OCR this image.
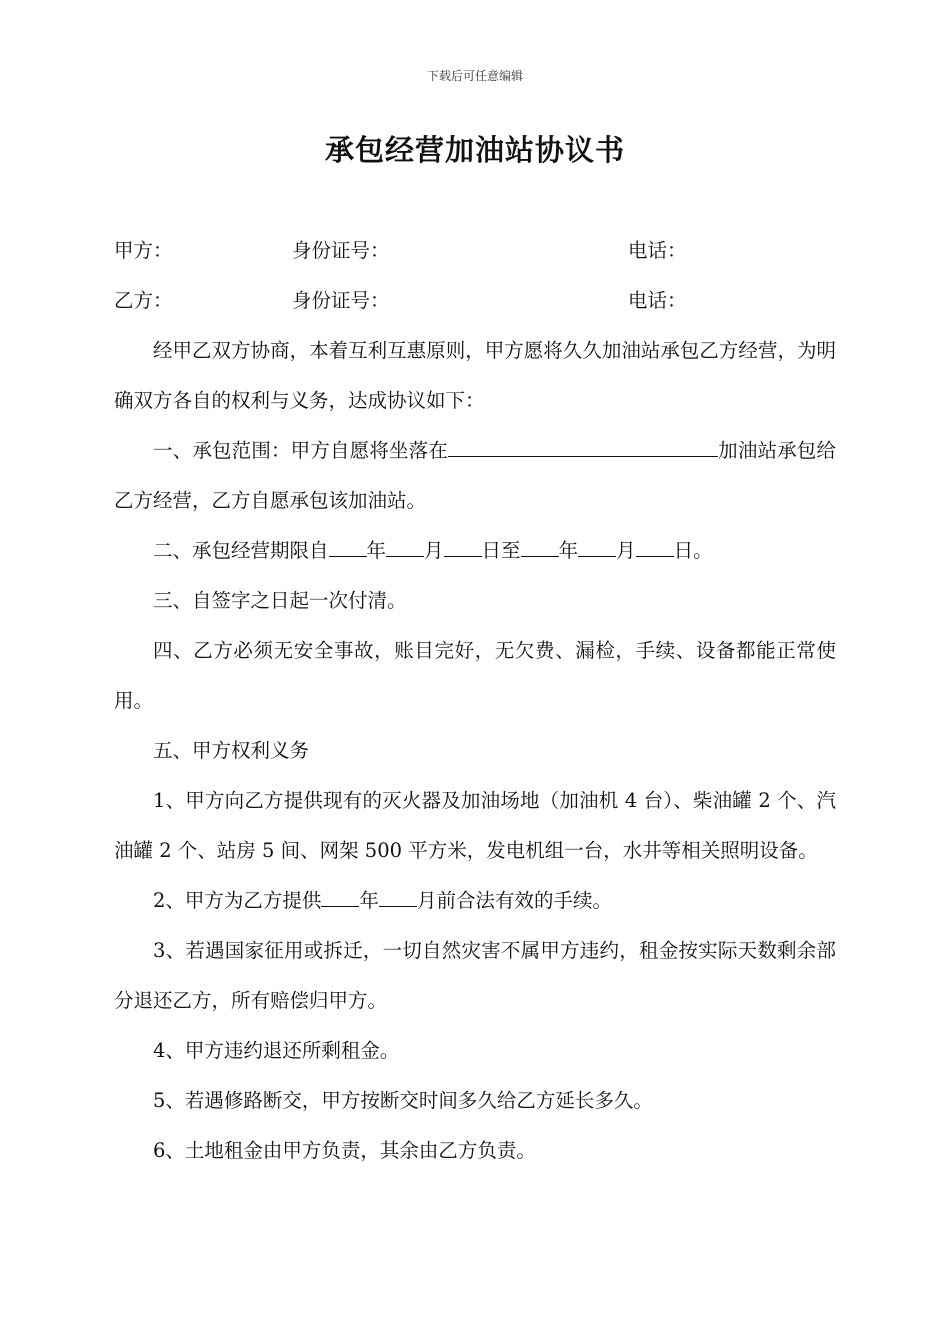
下载后可任意编辑
承包经营加油站协议书
甲方：	身份证号：	电话：
乙方：	身份证号：	电话：

经甲乙双方协商，本着互利互惠原则，甲方愿将久久加油站承包乙方经营，为明确双方各自的权利与义务，达成协议如下：

一、承包范围：甲方自愿将坐落在	加油站承包给乙方经营，乙方自愿承包该加油站。

二、承包经营期限自 年 月 日至 年 月 日。

三、自签字之日起一次付清。

四、乙方必须无安全事故，账目完好，无欠费、漏检，手续、设备都能正常使用。

五、甲方权利义务

1、甲方向乙方提供现有的灭火器及加油场地（加油机 4 台）、柴油罐 2 个、汽油罐 2 个、站房 5 间、网架 500 平方米，发电机组一台，水井等相关照明设备。

2、甲方为乙方提供 年 月前合法有效的手续。

3、若遇国家征用或拆迁，一切自然灾害不属甲方违约，租金按实际天数剩余部分退还乙方，所有赔偿归甲方。

4、甲方违约退还所剩租金。

5、若遇修路断交，甲方按断交时间多久给乙方延长多久。

6、土地租金由甲方负责，其余由乙方负责。
